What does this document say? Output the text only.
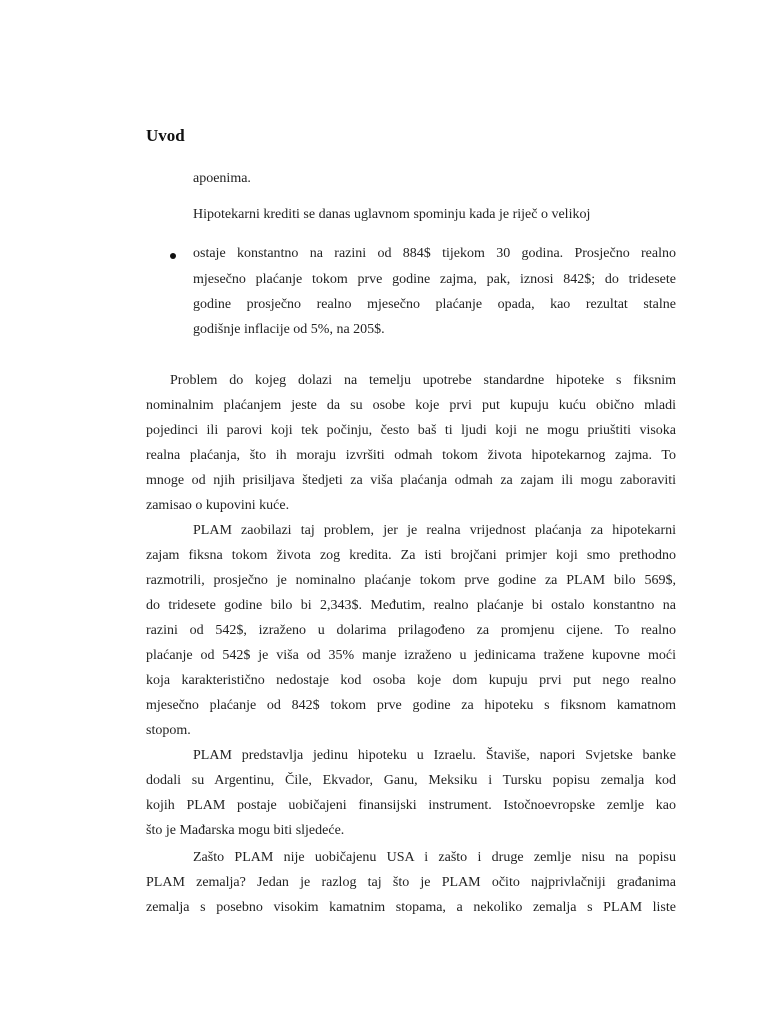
Uvod
apoenima.
Hipotekarni krediti se danas uglavnom spominju kada je riječ o velikoj
ostaje konstantno na razini od 884$ tijekom 30 godina. Prosječno realno
mjesečno plaćanje tokom prve godine zajma, pak, iznosi 842$; do tridesete
godine prosječno realno mjesečno plaćanje opada, kao rezultat stalne
godišnje inflacije od 5%, na 205$.
Problem do kojeg dolazi na temelju upotrebe standardne hipoteke s fiksnim
nominalnim plaćanjem jeste da su osobe koje prvi put kupuju kuću obično mladi
pojedinci ili parovi koji tek počinju, često baš ti ljudi koji ne mogu priuštiti visoka
realna plaćanja, što ih moraju izvršiti odmah tokom života hipotekarnog zajma. To
mnoge od njih prisiljava štedjeti za viša plaćanja odmah za zajam ili mogu zaboraviti
zamisao o kupovini kuće.
PLAM zaobilazi taj problem, jer je realna vrijednost plaćanja za hipotekarni
zajam fiksna tokom života zog kredita. Za isti brojčani primjer koji smo prethodno
razmotrili, prosječno je nominalno plaćanje tokom prve godine za PLAM bilo 569$,
do tridesete godine bilo bi 2,343$. Međutim, realno plaćanje bi ostalo konstantno na
razini od 542$, izraženo u dolarima prilagođeno za promjenu cijene. To realno
plaćanje od 542$ je viša od 35% manje izraženo u jedinicama tražene kupovne moći
koja karakteristično nedostaje kod osoba koje dom kupuju prvi put nego realno
mjesečno plaćanje od 842$ tokom prve godine za hipoteku s fiksnom kamatnom
stopom.
PLAM predstavlja jedinu hipoteku u Izraelu. Štaviše, napori Svjetske banke
dodali su Argentinu, Čile, Ekvador, Ganu, Meksiku i Tursku popisu zemalja kod
kojih PLAM postaje uobičajeni finansijski instrument. Istočnoevropske zemlje kao
što je Mađarska mogu biti sljedeće.
Zašto PLAM nije uobičajenu USA i zašto i druge zemlje nisu na popisu
PLAM zemalja? Jedan je razlog taj što je PLAM očito najprivlačniji građanima
zemalja s posebno visokim kamatnim stopama, a nekoliko zemalja s PLAM liste
